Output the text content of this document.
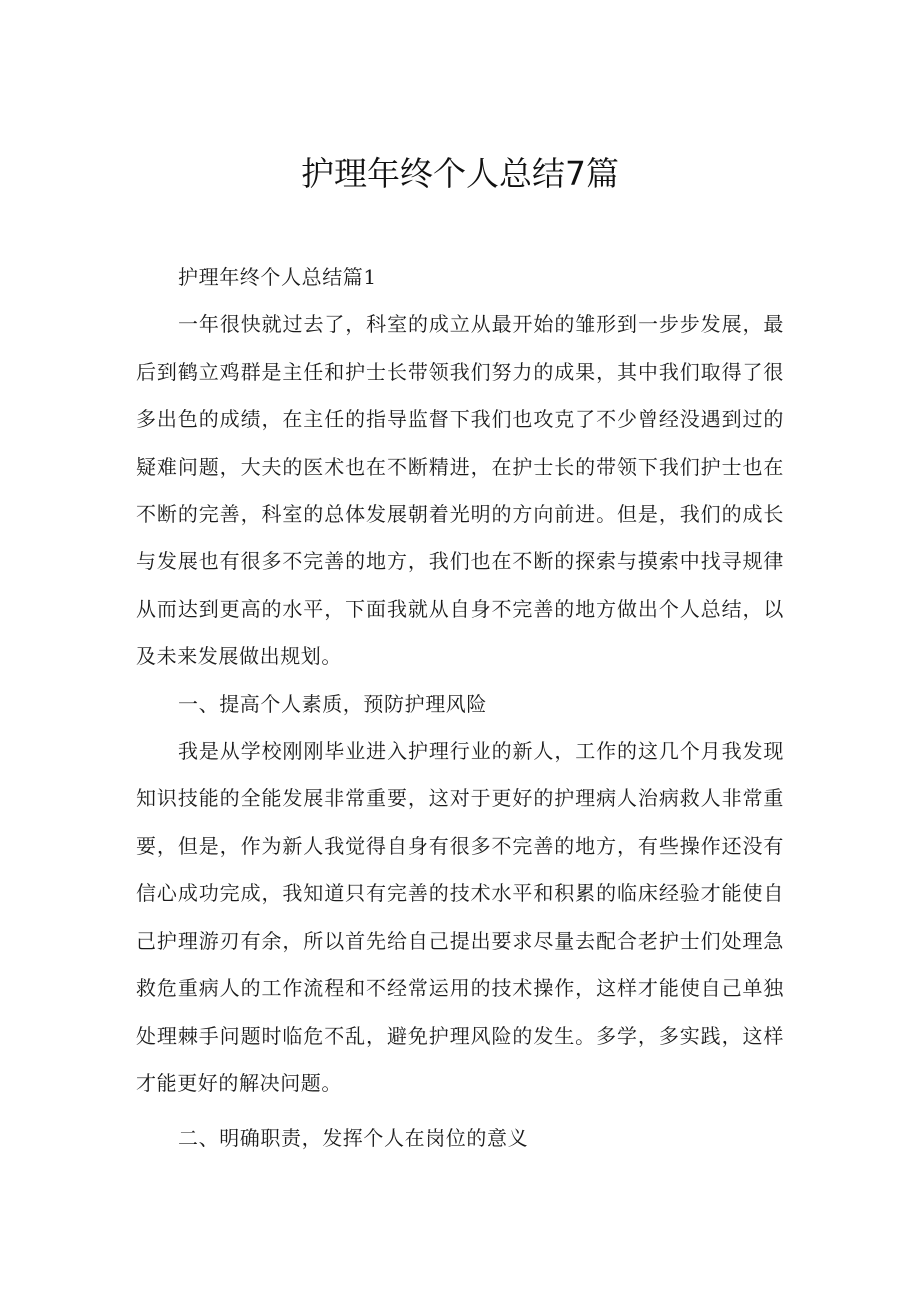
护理年终个人总结7篇

护理年终个人总结篇1

一年很快就过去了，科室的成立从最开始的雏形到一步步发展，最后到鹤立鸡群是主任和护士长带领我们努力的成果，其中我们取得了很多出色的成绩，在主任的指导监督下我们也攻克了不少曾经没遇到过的疑难问题，大夫的医术也在不断精进，在护士长的带领下我们护士也在不断的完善，科室的总体发展朝着光明的方向前进。但是，我们的成长与发展也有很多不完善的地方，我们也在不断的探索与摸索中找寻规律从而达到更高的水平，下面我就从自身不完善的地方做出个人总结，以及未来发展做出规划。

一、提高个人素质，预防护理风险

我是从学校刚刚毕业进入护理行业的新人，工作的这几个月我发现知识技能的全能发展非常重要，这对于更好的护理病人治病救人非常重要，但是，作为新人我觉得自身有很多不完善的地方，有些操作还没有信心成功完成，我知道只有完善的技术水平和积累的临床经验才能使自己护理游刃有余，所以首先给自己提出要求尽量去配合老护士们处理急救危重病人的工作流程和不经常运用的技术操作，这样才能使自己单独处理棘手问题时临危不乱，避免护理风险的发生。多学，多实践，这样才能更好的解决问题。

二、明确职责，发挥个人在岗位的意义
